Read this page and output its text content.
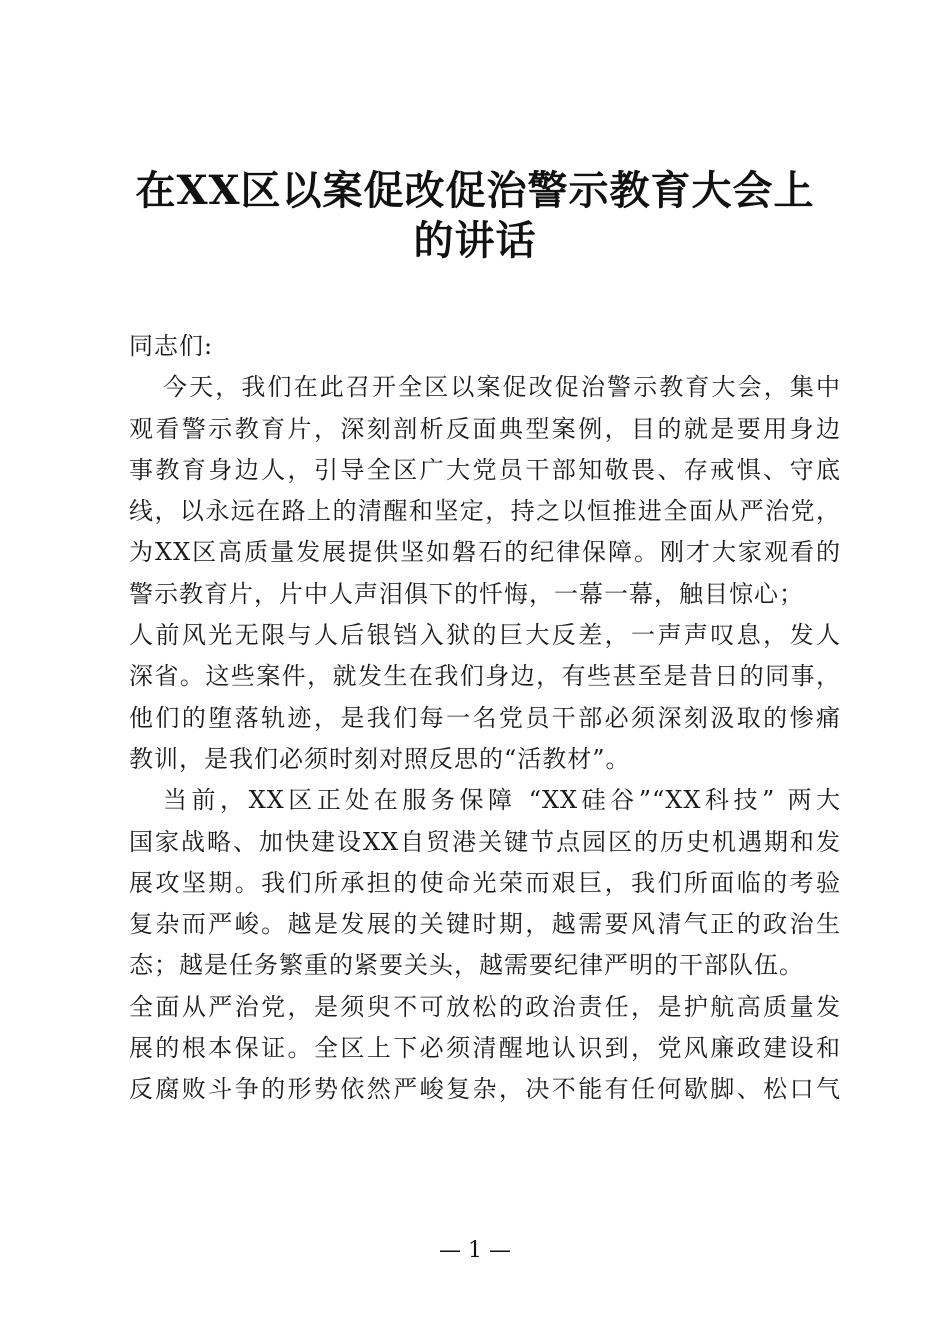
在XX区以案促改促治警示教育大会上
的讲话
同志们:
今天，我们在此召开全区以案促改促治警示教育大会，集中
观看警示教育片，深刻剖析反面典型案例，目的就是要用身边
事教育身边人，引导全区广大党员干部知敬畏、存戒惧、守底
线，以永远在路上的清醒和坚定，持之以恒推进全面从严治党，
为XX区高质量发展提供坚如磐石的纪律保障。刚才大家观看的
警示教育片，片中人声泪俱下的忏悔，一幕一幕，触目惊心；
人前风光无限与人后银铛入狱的巨大反差，一声声叹息，发人
深省。这些案件，就发生在我们身边，有些甚至是昔日的同事，
他们的堕落轨迹，是我们每一名党员干部必须深刻汲取的惨痛
教训，是我们必须时刻对照反思的“活教材”。
当前，XX区正处在服务保障 “XX硅谷”“XX科技” 两大
国家战略、加快建设XX自贸港关键节点园区的历史机遇期和发
展攻坚期。我们所承担的使命光荣而艰巨，我们所面临的考验
复杂而严峻。越是发展的关键时期，越需要风清气正的政治生
态；越是任务繁重的紧要关头，越需要纪律严明的干部队伍。
全面从严治党，是须臾不可放松的政治责任，是护航高质量发
展的根本保证。全区上下必须清醒地认识到，党风廉政建设和
反腐败斗争的形势依然严峻复杂，决不能有任何歇脚、松口气
— 1 —
